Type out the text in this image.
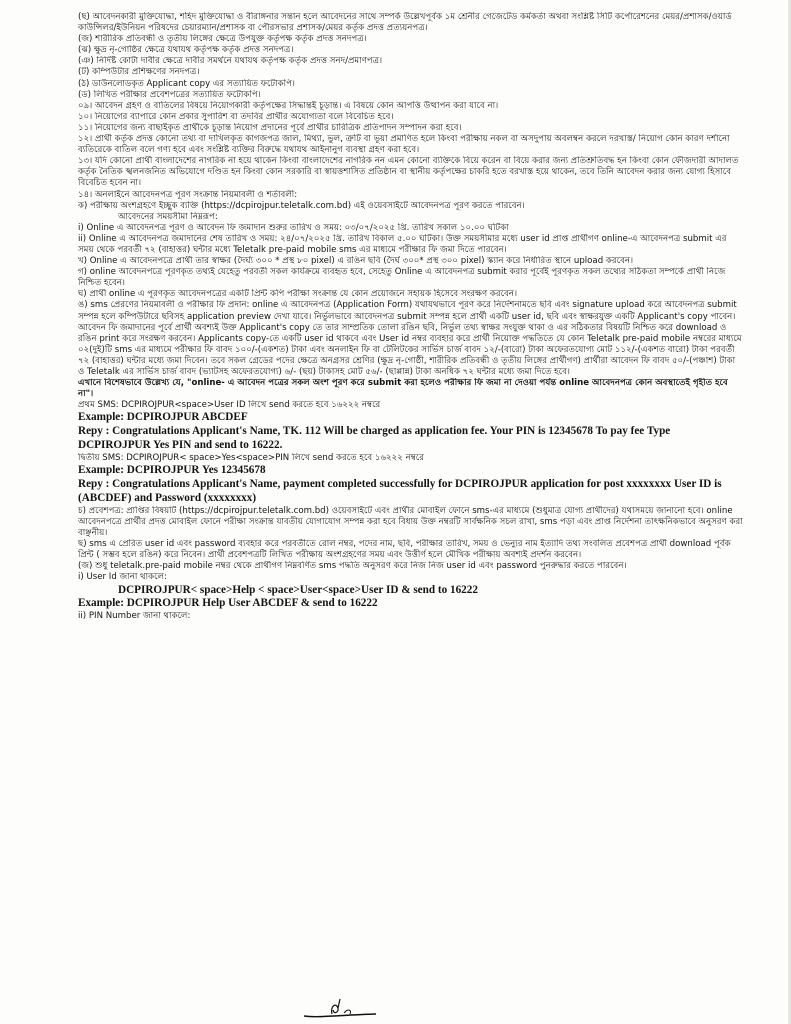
(ছ) আবেদনকারী মুক্তিযোদ্ধা, শহিদ মুক্তিযোদ্ধা ও বীরাঙ্গনার সন্তান হলে আবেদনের সাথে সম্পর্ক উল্লেখপূর্বক ১ম শ্রেনীর গেজেটেড কর্মকর্তা অথবা সংশ্লিষ্ট সিটি কর্পোরেশনের মেয়র/প্রশাসক/ওয়ার্ড কাউন্সিলর/ইউনিয়ন পরিষদের চেয়ারম্যান/প্রশাসক বা পৌরসভার প্রশাসক/মেয়র কর্তৃক প্রদত্ত প্রত্যয়নপত্র।

(জ) শারীরিক প্রতিবন্ধী ও তৃতীয় লিঙ্গের ক্ষেত্রে উপযুক্ত কর্তৃপক্ষ কর্তৃক প্রদত্ত সনদপত্র।

(ঝ) ক্ষুদ্র নৃ-গোষ্ঠির ক্ষেত্রে যথাযথ কর্তৃপক্ষ কর্তৃক প্রদত্ত সনদপত্র।

(ঞ) নির্দিষ্ট কোটা দাবীর ক্ষেত্রে দাবীর সমর্থনে যথাযথ কর্তৃপক্ষ কর্তৃক প্রদত্ত সনদ/প্রমাণপত্র।

(ট) কম্পিউটার প্রশিক্ষণের সনদপত্র।

(ঠ) ডাউনলোডকৃত Applicant copy এর সত্যায়িত ফটোকপি।

(ড) লিখিত পরীক্ষার প্রবেশপত্রের সত্যায়িত ফটোকপি।

০৯। আবেদন গ্রহণ ও বাতিলের বিষয়ে নিয়োগকারী কর্তৃপক্ষের সিদ্ধান্তই চূড়ান্ত। এ বিষয়ে কোন আপত্তি উত্থাপন করা যাবে না।

১০। নিয়োগের ব্যাপারে কোন প্রকার সুপারিশ বা তদবির প্রার্থীর অযোগ্যতা বলে বিবেচিত হবে।

১১। নিয়োগের জন্য বাছাইকৃত প্রার্থীকে চূড়ান্ত নিয়োগ প্রদানের পূর্বে প্রার্থীর চারিত্রিক প্রতিপাদন সম্পাদন করা হবে।

১২। প্রার্থী কর্তৃক প্রদত্ত কোনো তথ্য বা দাখিলকৃত কাগজপত্র জাল, মিথ্যা, ভুল, ত্রুটি বা ভূয়া প্রমাণিত হলে কিংবা পরীক্ষায় নকল বা অসদুপায় অবলম্বন করলে দরখাস্ত/ নিয়োগ কোন কারণ দর্শানো ব্যতিরেকে বাতিল বলে গণ্য হবে এবং সংশ্লিষ্ট ব্যক্তির বিরুদ্ধে যথাযথ আইনানুগ ব্যবস্থা গ্রহণ করা হবে।

১৩। যদি কোনো প্রার্থী বাংলাদেশের নাগরিক না হয়ে থাকেন কিংবা বাংলাদেশের নাগরিক নন এমন কোনো ব্যক্তিকে বিয়ে করেন বা বিয়ে করার জন্য প্রতিশ্রুতিবদ্ধ হন কিংবা কোন ফৌজদারী আদালত কর্তৃক নৈতিক স্খলনজনিত অভিযোগে দণ্ডিত হন কিংবা কোন সরকারি বা স্বায়ত্তশাসিত প্রতিষ্ঠান বা স্থানীয় কর্তৃপক্ষের চাকরি হতে বরখাস্ত হয়ে থাকেন, তবে তিনি আবেদন করার জন্য যোগ্য হিসাবে বিবেচিত হবেন না।

১৪। অনলাইনে আবেদনপত্র পূরণ সংক্রান্ত নিয়মাবলী ও শর্তাবলী:

ক) পরীক্ষায় অংশগ্রহণে ইচ্ছুক ব্যক্তি (https://dcpirojpur.teletalk.com.bd) এই ওয়েবসাইটে আবেদনপত্র পূরণ করতে পারবেন।

আবেদনের সময়সীমা নিম্নরূপ:

i) Online এ আবেদনপত্র পূরণ ও আবেদন ফি জমাদান শুরুর তারিখ ও সময়: ০৩/০৭/২০২৫ খ্রি. তারিখ সকাল ১০.০০ ঘটিকা

ii) Online এ আবেদনপত্র জমাদানের শেষ তারিখ ও সময়: ২৪/০৭/২০২৫ খ্রি. তারিখ বিকাল ৫.০০ ঘটিকা। উক্ত সময়সীমার মধ্যে user id প্রাপ্ত প্রার্থীগণ online-এ আবেদনপত্র submit এর সময় থেকে পরবর্তী ৭২ (বাহাত্তর) ঘন্টার মধ্যে Teletalk pre-paid mobile sms এর মাধ্যমে পরীক্ষার ফি জমা দিতে পারবেন।

খ) Online এ আবেদনপত্রে প্রার্থী তার স্বাক্ষর (দৈর্ঘ্য ৩০০ * প্রস্থ ৮০ pixel) এ রঙিন ছবি (দৈর্ঘ ৩০০* প্রস্থ ৩০০ pixel) স্ক্যান করে নির্ধারিত স্থানে upload করবেন।

গ) online আবেদনপত্রে পূরণকৃত তথ্যই যেহেতু পরবর্তী সকল কার্যক্রমে ব্যবহৃত হবে, সেহেতু Online এ আবেদনপত্র submit করার পূর্বেই পূরণকৃত সকল তথ্যের সঠিকতা সম্পর্কে প্রার্থী নিজে নিশ্চিত হবেন।

ঘ) প্রার্থী online এ পূরণকৃত আবেদনপত্রের একটি প্রিন্ট কপি পরীক্ষা সংক্রান্ত যে কোন প্রয়োজনে সহায়ক হিসেবে সংরক্ষণ করবেন।

ঙ) sms প্রেরণের নিয়মাবলী ও পরীক্ষার ফি প্রদান: online এ আবেদনপত্র (Application Form) যথাযথভাবে পূরণ করে নির্দেশনামতে ছবি এবং signature upload করে আবেদনপত্র submit সম্পন্ন হলে কম্পিউটারে ছবিসহ application preview দেখা যাবে। নির্ভুলভাবে আবেদনপত্র submit সম্পন্ন হলে প্রার্থী একটি user id, ছবি এবং স্বাক্ষরযুক্ত একটি Applicant's copy পাবেন। আবেদন ফি জমাদানের পূর্বে প্রার্থী অবশ্যই উক্ত Applicant's copy তে তার সাম্প্রতিক তোলা রঙিন ছবি, নির্ভুল তথ্য স্বাক্ষর সংযুক্ত থাকা ও এর সঠিকতার বিষয়টি নিশ্চিত করে download ও রঙিন print করে সংরক্ষণ করবেন। Applicants copy-তে একটি user id থাকবে এবং User id নম্বর ব্যবহার করে প্রার্থী নিয়োক্ত পদ্ধতিতে যে কোন Teletalk pre-paid mobile নম্বরের মাধ্যমে ০২(দুই)টি sms এর মাধ্যমে পরীক্ষার ফি বাবদ ১০০/-(একশত) টাকা এবং অনলাইন ফি বা টেলিটকের সার্ভিস চার্জ বাবদ ১২/-(বারো) টাকা অফেরতযোগ্য মোট ১১২/-(একশত বারো) টাকা পরবর্তী ৭২ (বাহাত্তর) ঘন্টার মধ্যে জমা দিবেন। তবে সকল গ্রেডের পদের ক্ষেত্রে অনগ্রসর শ্রেণির (ক্ষুদ্র নৃ-গোষ্ঠী, শারীরিক প্রতিবন্ধী ও তৃতীয় লিঙ্গের প্রার্থীগণ) প্রার্থীরা আবেদন ফি বাবদ ৫০/-(পঞ্চাশ) টাকা ও Teletalk এর সার্ভিস চার্জ বাবদ (ভ্যাটসহ অফেরতযোগ্য) ৬/- (ছয়) টাকাসহ মোট ৫৬/- (ছাপ্পান্ন) টাকা অনধিক ৭২ ঘন্টার মধ্যে জমা দিতে হবে।

এখানে বিশেষভাবে উল্লেখ্য যে, "online- এ আবেদন পত্রের সকল অংশ পূরণ করে submit করা হলেও পরীক্ষার ফি জমা না দেওয়া পর্যন্ত online আবেদনপত্র কোন অবস্থাতেই গৃহীত হবে না"।

প্রথম SMS: DCPIROJPUR<space>User ID লিখে send করতে হবে ১৬২২২ নম্বরে

Example: DCPIROJPUR ABCDEF

Repy : Congratulations Applicant's Name, TK. 112 Will be charged as application fee. Your PIN is 12345678 To pay fee Type DCPIROJPUR Yes PIN and send to 16222.

দ্বিতীয় SMS: DCPIROJPUR< space>Yes<space>PIN লিখে send করতে হবে ১৬২২২ নম্বরে

Example: DCPIROJPUR Yes 12345678

Repy : Congratulations Applicant's Name, payment completed successfully for DCPIROJPUR application for post xxxxxxxx User ID is (ABCDEF) and Password (xxxxxxxx)

চ) প্রবেশপত্র: প্রাপ্তির বিষয়টি (https://dcpirojpur.teletalk.com.bd) ওয়েবসাইটে এবং প্রার্থীর মোবাইল ফোনে sms-এর মাধ্যমে (শুধুমাত্র যোগ্য প্রার্থীদের) যথাসময়ে জানানো হবে। online আবেদনপত্রে প্রার্থীর প্রদত্ত মোবাইল ফোনে পরীক্ষা সংক্রান্ত যাবতীয় যোগাযোগ সম্পন্ন করা হবে বিধায় উক্ত নম্বরটি সার্বক্ষনিক সচল রাখা, sms পড়া এবং প্রাপ্ত নির্দেশনা তাৎক্ষনিকভাবে অনুসরণ করা বাঞ্ছনীয়।

ছ) sms এ প্রেরিত user id এবং password ব্যবহার করে পরবর্তীতে রোল নম্বর, পদের নাম, ছবি, পরীক্ষার তারিখ, সময় ও ভেন্যুর নাম ইত্যাদি তথ্য সংবলিত প্রবেশপত্র প্রার্থী download পূর্বক প্রিন্ট ( সম্ভব হলে রঙিন) করে নিবেন। প্রার্থী প্রবেশপত্রটি লিখিত পরীক্ষায় অংশগ্রহণের সময় এবং উত্তীর্ণ হলে মৌখিক পরীক্ষায় অবশ্যই প্রদর্শন করবেন।

(জ) শুধু teletalk.pre-paid mobile নম্বর থেকে প্রার্থীগণ নিম্নবর্ণিত sms পদ্ধতি অনুসরণ করে নিজ নিজ user id এবং password পুনরুদ্ধার করতে পারবেন।

i) User Id জানা থাকলে:

DCPIROJPUR< space>Help < space>User<space>User ID & send to 16222

Example: DCPIROJPUR Help User ABCDEF & send to 16222

ii) PIN Number জানা থাকলে:
